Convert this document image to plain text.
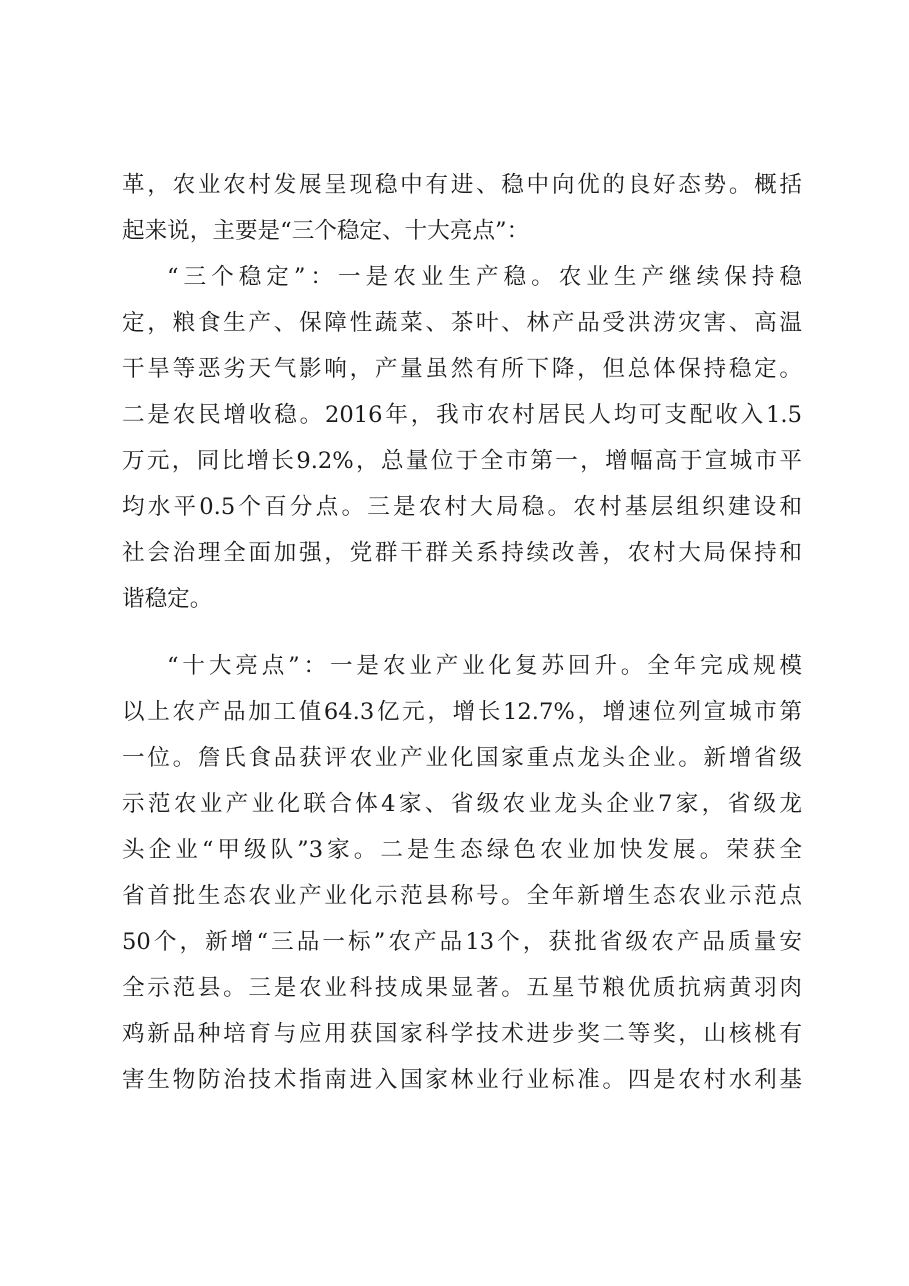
革，农业农村发展呈现稳中有进、稳中向优的良好态势。概括
起来说，主要是“三个稳定、十大亮点”：
“三个稳定”：一是农业生产稳。农业生产继续保持稳
定，粮食生产、保障性蔬菜、茶叶、林产品受洪涝灾害、高温
干旱等恶劣天气影响，产量虽然有所下降，但总体保持稳定。
二是农民增收稳。2016年，我市农村居民人均可支配收入1.5
万元，同比增长9.2%，总量位于全市第一，增幅高于宣城市平
均水平0.5个百分点。三是农村大局稳。农村基层组织建设和
社会治理全面加强，党群干群关系持续改善，农村大局保持和
谐稳定。
“十大亮点”：一是农业产业化复苏回升。全年完成规模
以上农产品加工值64.3亿元，增长12.7%，增速位列宣城市第
一位。詹氏食品获评农业产业化国家重点龙头企业。新增省级
示范农业产业化联合体4家、省级农业龙头企业7家，省级龙
头企业“甲级队”3家。二是生态绿色农业加快发展。荣获全
省首批生态农业产业化示范县称号。全年新增生态农业示范点
50个，新增“三品一标”农产品13个，获批省级农产品质量安
全示范县。三是农业科技成果显著。五星节粮优质抗病黄羽肉
鸡新品种培育与应用获国家科学技术进步奖二等奖，山核桃有
害生物防治技术指南进入国家林业行业标准。四是农村水利基
